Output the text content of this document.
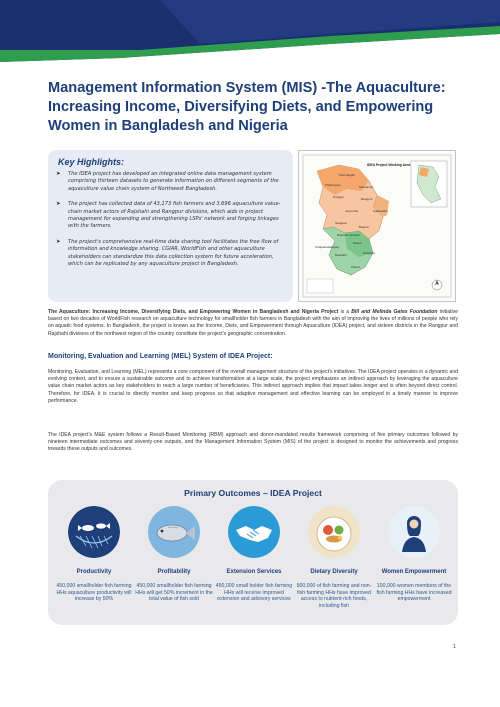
Management Information System (MIS) -The Aquaculture: Increasing Income, Diversifying Diets, and Empowering Women in Bangladesh and Nigeria
Key Highlights:
➤ The IDEA project has developed an integrated online data management system comprising thirteen datasets to generate information on different segments of the aquaculture value chain system of Northwest Bangladesh.
➤ The project has collected data of 43,173 fish farmers and 3,696 aquaculture value-chain market actors of Rajshahi and Rangpur divisions, which aids in project management for expanding and strengthening LSPs' network and forging linkages with the farmers.
➤ The project's comprehensive real-time data sharing tool facilitates the free flow of information and knowledge sharing. CGIAR, WorldFish and other aquaculture stakeholders can standardize this data collection system for future acceleration, which can be replicated by any aquaculture project in Bangladesh.
IDEA Project Working Area
Panchagarh
Thakurgaon	Nilphamari
Dinajpur	Rangpur
Joypurhat	Gaibandha
Naogaon
Bogura
Chapainawabganj
Natore
Rajshahi	Sirajganj
Pabna
Rajshahi Division
The Aquaculture: Increasing Income, Diversifying Diets, and Empowering Women in Bangladesh and Nigeria Project is a Bill and Melinda Gates Foundation initiative based on two decades of WorldFish research on aquaculture technology for smallholder fish farmers in Bangladesh with the aim of improving the lives of millions of people who rely on aquatic food systems. In Bangladesh, the project is known as the Income, Diets, and Empowerment through Aquaculture (IDEA) project, and sixteen districts in the Rangpur and Rajshahi divisions of the northwest region of the country constitute the project's geographic concentration.
Monitoring, Evaluation and Learning (MEL) System of IDEA Project:
Monitoring, Evaluation, and Learning (MEL) represents a core component of the overall management structure of the project's initiatives. The IDEA project operates in a dynamic and evolving context, and to ensure a sustainable outcome and to achieve transformation at a large scale, the project emphasizes an indirect approach by leveraging the aquaculture value chain market actors as key stakeholders to reach a large number of beneficiaries. This indirect approach implies that impact takes longer and is often beyond direct control. Therefore, for IDEA, it is crucial to directly monitor and keep progress so that adaptive management and effective learning can be employed in a timely manner to improve performance.
The IDEA project's M&E system follows a Result-Based Monitoring (RBM) approach and donor-mandated results framework comprising of five primary outcomes followed by nineteen intermediate outcomes and seventy-one outputs, and the Management Information System (MIS) of the project is designed to monitor the achievements and progress towards these outputs and outcomes.
Primary Outcomes – IDEA Project
Productivity
450,000 smallholder fish farming HHs aquaculture productivity will increase by 50%
Profitability
450,000 smallholder fish farming HHs will get 50% increment in the total value of fish sold
Extension Services
450,000 small holder fish farming HHs will receive improved extension and advisory services
Dietary Diversity
900,000 of fish farming and non-fish farming HHs have improved access to nutrient-rich foods, including fish
Women Empowerment
100,000 women members of the fish farming HHs have increased empowerment
1
